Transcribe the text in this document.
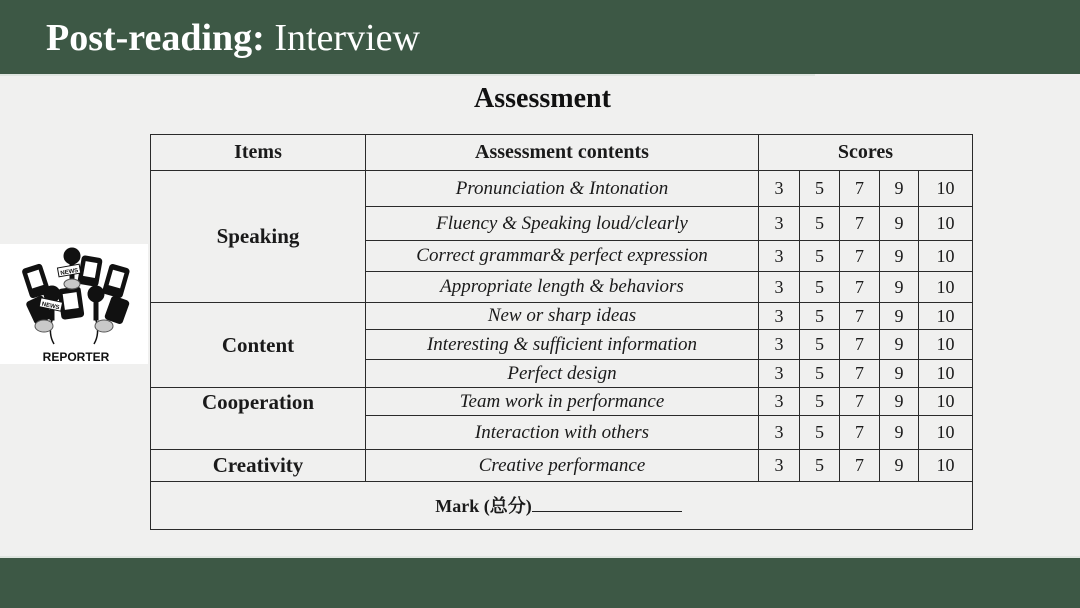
Post-reading: Interview
Assessment
NEWS
NEWS
REPORTER
Items	Assessment contents	Scores				
Speaking	Pronunciation & Intonation	3	5	7	9	10
	Fluency & Speaking loud/clearly	3	5	7	9	10
	Correct grammar& perfect expression	3	5	7	9	10
	Appropriate length & behaviors	3	5	7	9	10
Content	New or sharp ideas	3	5	7	9	10
	Interesting & sufficient information	3	5	7	9	10
	Perfect design	3	5	7	9	10
Cooperation	Team work in performance	3	5	7	9	10
	Interaction with others	3	5	7	9	10
Creativity	Creative performance	3	5	7	9	10
Mark (总分)						
